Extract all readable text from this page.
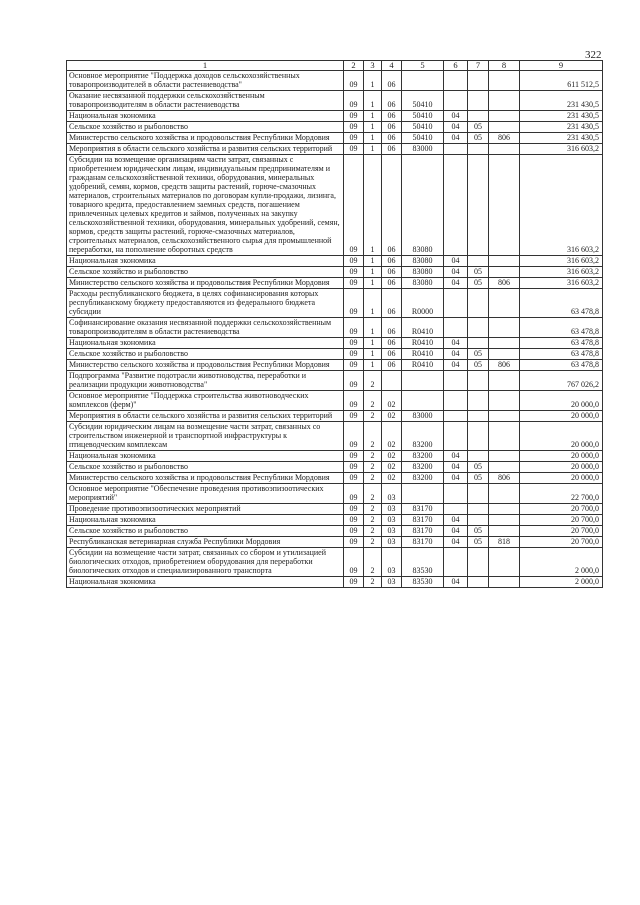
322
1	2	3	4	5	6	7	8	9
Основное мероприятие "Поддержка доходов сельскохозяйственных товаропроизводителей в области растениеводства"	09	1	06					611 512,5
Оказание несвязанной поддержки сельскохозяйственным товаропроизводителям в области растениеводства	09	1	06	50410				231 430,5
Национальная экономика	09	1	06	50410	04			231 430,5
Сельское хозяйство и рыболовство	09	1	06	50410	04	05		231 430,5
Министерство сельского хозяйства и продовольствия Республики Мордовия	09	1	06	50410	04	05	806	231 430,5
Мероприятия в области сельского хозяйства и развития сельских территорий	09	1	06	83000				316 603,2
Субсидии на возмещение организациям части затрат, связанных с приобретением юридическим лицам, индивидуальным предпринимателям и гражданам сельскохозяйственной техники, оборудования, минеральных удобрений, семян, кормов, средств защиты растений, горюче-смазочных материалов, строительных материалов по договорам купли-продажи, лизинга, товарного кредита, предоставлением заемных средств, погашением привлеченных целевых кредитов и займов, полученных на закупку сельскохозяйственной техники, оборудования, минеральных удобрений, семян, кормов, средств защиты растений, горюче-смазочных материалов, строительных материалов, сельскохозяйственного сырья для промышленной переработки, на пополнение оборотных средств	09	1	06	83080				316 603,2
Национальная экономика	09	1	06	83080	04			316 603,2
Сельское хозяйство и рыболовство	09	1	06	83080	04	05		316 603,2
Министерство сельского хозяйства и продовольствия Республики Мордовия	09	1	06	83080	04	05	806	316 603,2
Расходы республиканского бюджета, в целях софинансирования которых республиканскому бюджету предоставляются из федерального бюджета субсидии	09	1	06	R0000				63 478,8
Софинансирование оказания несвязанной поддержки сельскохозяйственным товаропроизводителям в области растениеводства	09	1	06	R0410				63 478,8
Национальная экономика	09	1	06	R0410	04			63 478,8
Сельское хозяйство и рыболовство	09	1	06	R0410	04	05		63 478,8
Министерство сельского хозяйства и продовольствия Республики Мордовия	09	1	06	R0410	04	05	806	63 478,8
Подпрограмма "Развитие подотрасли животноводства, переработки и реализации продукции животноводства"	09	2						767 026,2
Основное мероприятие "Поддержка строительства животноводческих комплексов (ферм)"	09	2	02					20 000,0
Мероприятия в области сельского хозяйства и развития сельских территорий	09	2	02	83000				20 000,0
Субсидии юридическим лицам на возмещение части затрат, связанных со строительством инженерной и транспортной инфраструктуры к птицеводческим комплексам	09	2	02	83200				20 000,0
Национальная экономика	09	2	02	83200	04			20 000,0
Сельское хозяйство и рыболовство	09	2	02	83200	04	05		20 000,0
Министерство сельского хозяйства и продовольствия Республики Мордовия	09	2	02	83200	04	05	806	20 000,0
Основное мероприятие "Обеспечение проведения противоэпизоотических мероприятий"	09	2	03					22 700,0
Проведение противоэпизоотических мероприятий	09	2	03	83170				20 700,0
Национальная экономика	09	2	03	83170	04			20 700,0
Сельское хозяйство и рыболовство	09	2	03	83170	04	05		20 700,0
Республиканская ветеринарная служба Республики Мордовия	09	2	03	83170	04	05	818	20 700,0
Субсидии на возмещение части затрат, связанных со сбором и утилизацией биологических отходов, приобретением оборудования для переработки биологических отходов и специализированного транспорта	09	2	03	83530				2 000,0
Национальная экономика	09	2	03	83530	04			2 000,0
